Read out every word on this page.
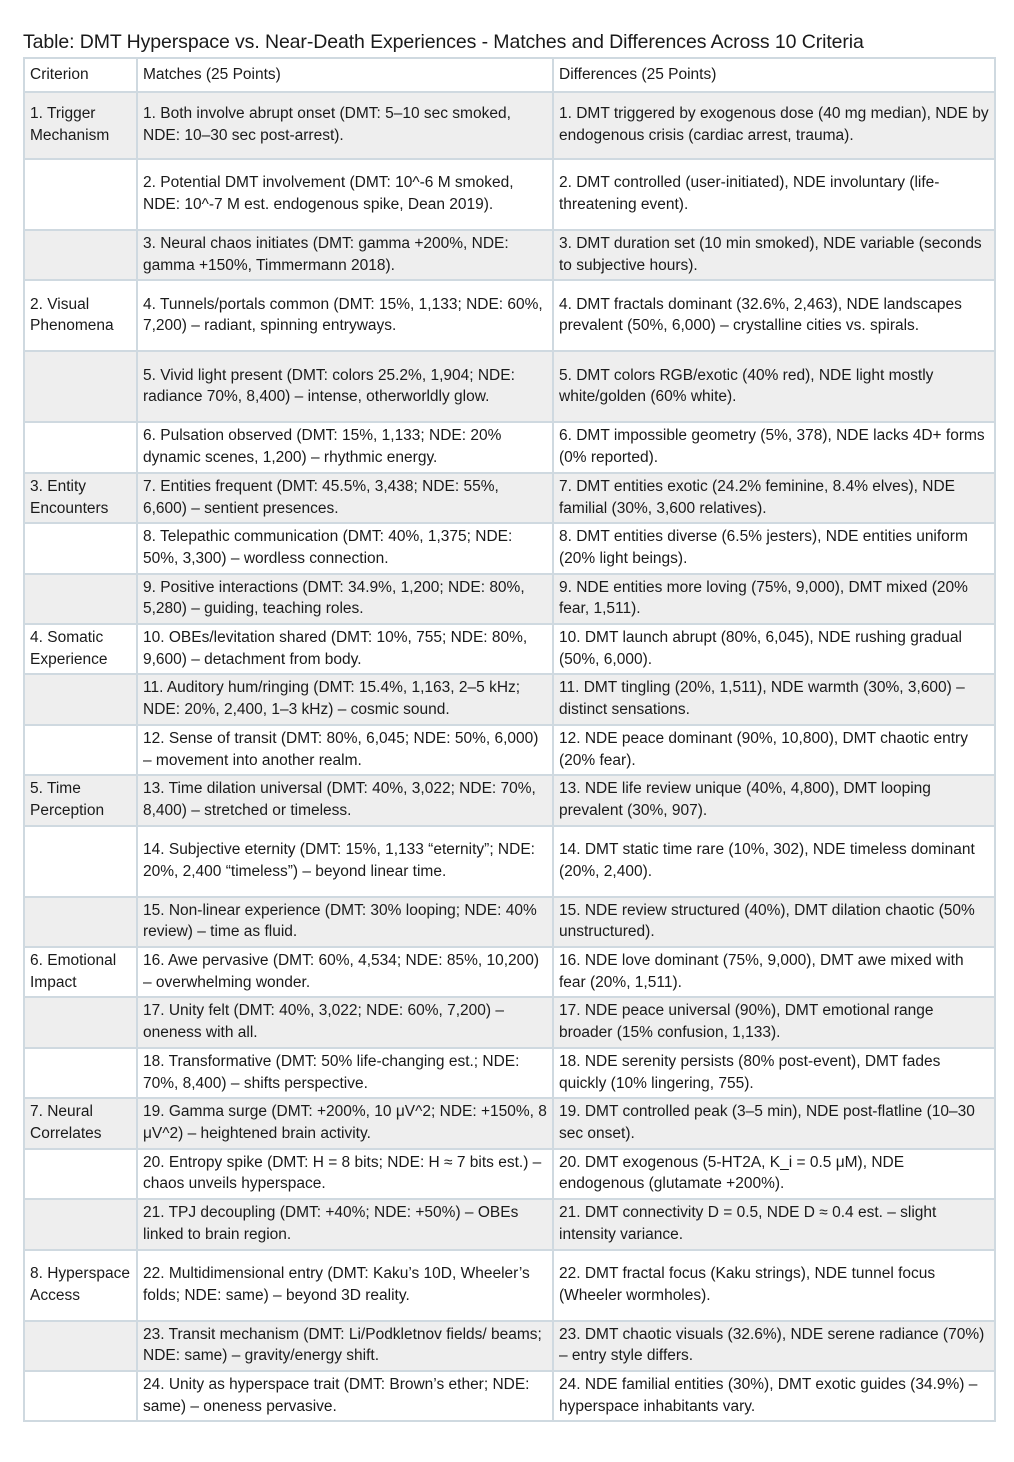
Table: DMT Hyperspace vs. Near-Death Experiences - Matches and Differences Across 10 Criteria
Criterion	Matches (25 Points)	Differences (25 Points)
1. Trigger Mechanism	1. Both involve abrupt onset (DMT: 5–10 sec smoked, NDE: 10–30 sec post-arrest).	1. DMT triggered by exogenous dose (40 mg median), NDE by endogenous crisis (cardiac arrest, trauma).
	2. Potential DMT involvement (DMT: 10^-6 M smoked, NDE: 10^-7 M est. endogenous spike, Dean 2019).	2. DMT controlled (user-initiated), NDE involuntary (life-threatening event).
	3. Neural chaos initiates (DMT: gamma +200%, NDE: gamma +150%, Timmermann 2018).	3. DMT duration set (10 min smoked), NDE variable (seconds to subjective hours).
2. Visual Phenomena	4. Tunnels/portals common (DMT: 15%, 1,133; NDE: 60%, 7,200) – radiant, spinning entryways.	4. DMT fractals dominant (32.6%, 2,463), NDE landscapes prevalent (50%, 6,000) – crystalline cities vs. spirals.
	5. Vivid light present (DMT: colors 25.2%, 1,904; NDE: radiance 70%, 8,400) – intense, otherworldly glow.	5. DMT colors RGB/exotic (40% red), NDE light mostly white/golden (60% white).
	6. Pulsation observed (DMT: 15%, 1,133; NDE: 20% dynamic scenes, 1,200) – rhythmic energy.	6. DMT impossible geometry (5%, 378), NDE lacks 4D+ forms (0% reported).
3. Entity Encounters	7. Entities frequent (DMT: 45.5%, 3,438; NDE: 55%, 6,600) – sentient presences.	7. DMT entities exotic (24.2% feminine, 8.4% elves), NDE familial (30%, 3,600 relatives).
	8. Telepathic communication (DMT: 40%, 1,375; NDE: 50%, 3,300) – wordless connection.	8. DMT entities diverse (6.5% jesters), NDE entities uniform (20% light beings).
	9. Positive interactions (DMT: 34.9%, 1,200; NDE: 80%, 5,280) – guiding, teaching roles.	9. NDE entities more loving (75%, 9,000), DMT mixed (20% fear, 1,511).
4. Somatic Experience	10. OBEs/levitation shared (DMT: 10%, 755; NDE: 80%, 9,600) – detachment from body.	10. DMT launch abrupt (80%, 6,045), NDE rushing gradual (50%, 6,000).
	11. Auditory hum/ringing (DMT: 15.4%, 1,163, 2–5 kHz; NDE: 20%, 2,400, 1–3 kHz) – cosmic sound.	11. DMT tingling (20%, 1,511), NDE warmth (30%, 3,600) – distinct sensations.
	12. Sense of transit (DMT: 80%, 6,045; NDE: 50%, 6,000) – movement into another realm.	12. NDE peace dominant (90%, 10,800), DMT chaotic entry (20% fear).
5. Time Perception	13. Time dilation universal (DMT: 40%, 3,022; NDE: 70%, 8,400) – stretched or timeless.	13. NDE life review unique (40%, 4,800), DMT looping prevalent (30%, 907).
	14. Subjective eternity (DMT: 15%, 1,133 “eternity”; NDE: 20%, 2,400 “timeless”) – beyond linear time.	14. DMT static time rare (10%, 302), NDE timeless dominant (20%, 2,400).
	15. Non-linear experience (DMT: 30% looping; NDE: 40% review) – time as fluid.	15. NDE review structured (40%), DMT dilation chaotic (50% unstructured).
6. Emotional Impact	16. Awe pervasive (DMT: 60%, 4,534; NDE: 85%, 10,200) – overwhelming wonder.	16. NDE love dominant (75%, 9,000), DMT awe mixed with fear (20%, 1,511).
	17. Unity felt (DMT: 40%, 3,022; NDE: 60%, 7,200) – oneness with all.	17. NDE peace universal (90%), DMT emotional range broader (15% confusion, 1,133).
	18. Transformative (DMT: 50% life-changing est.; NDE: 70%, 8,400) – shifts perspective.	18. NDE serenity persists (80% post-event), DMT fades quickly (10% lingering, 755).
7. Neural Correlates	19. Gamma surge (DMT: +200%, 10 μV^2; NDE: +150%, 8 μV^2) – heightened brain activity.	19. DMT controlled peak (3–5 min), NDE post-flatline (10–30 sec onset).
	20. Entropy spike (DMT: H = 8 bits; NDE: H ≈ 7 bits est.) – chaos unveils hyperspace.	20. DMT exogenous (5-HT2A, K_i = 0.5 μM), NDE endogenous (glutamate +200%).
	21. TPJ decoupling (DMT: +40%; NDE: +50%) – OBEs linked to brain region.	21. DMT connectivity D = 0.5, NDE D ≈ 0.4 est. – slight intensity variance.
8. Hyperspace Access	22. Multidimensional entry (DMT: Kaku’s 10D, Wheeler’s folds; NDE: same) – beyond 3D reality.	22. DMT fractal focus (Kaku strings), NDE tunnel focus (Wheeler wormholes).
	23. Transit mechanism (DMT: Li/Podkletnov fields/ beams; NDE: same) – gravity/energy shift.	23. DMT chaotic visuals (32.6%), NDE serene radiance (70%) – entry style differs.
	24. Unity as hyperspace trait (DMT: Brown’s ether; NDE: same) – oneness pervasive.	24. NDE familial entities (30%), DMT exotic guides (34.9%) – hyperspace inhabitants vary.
